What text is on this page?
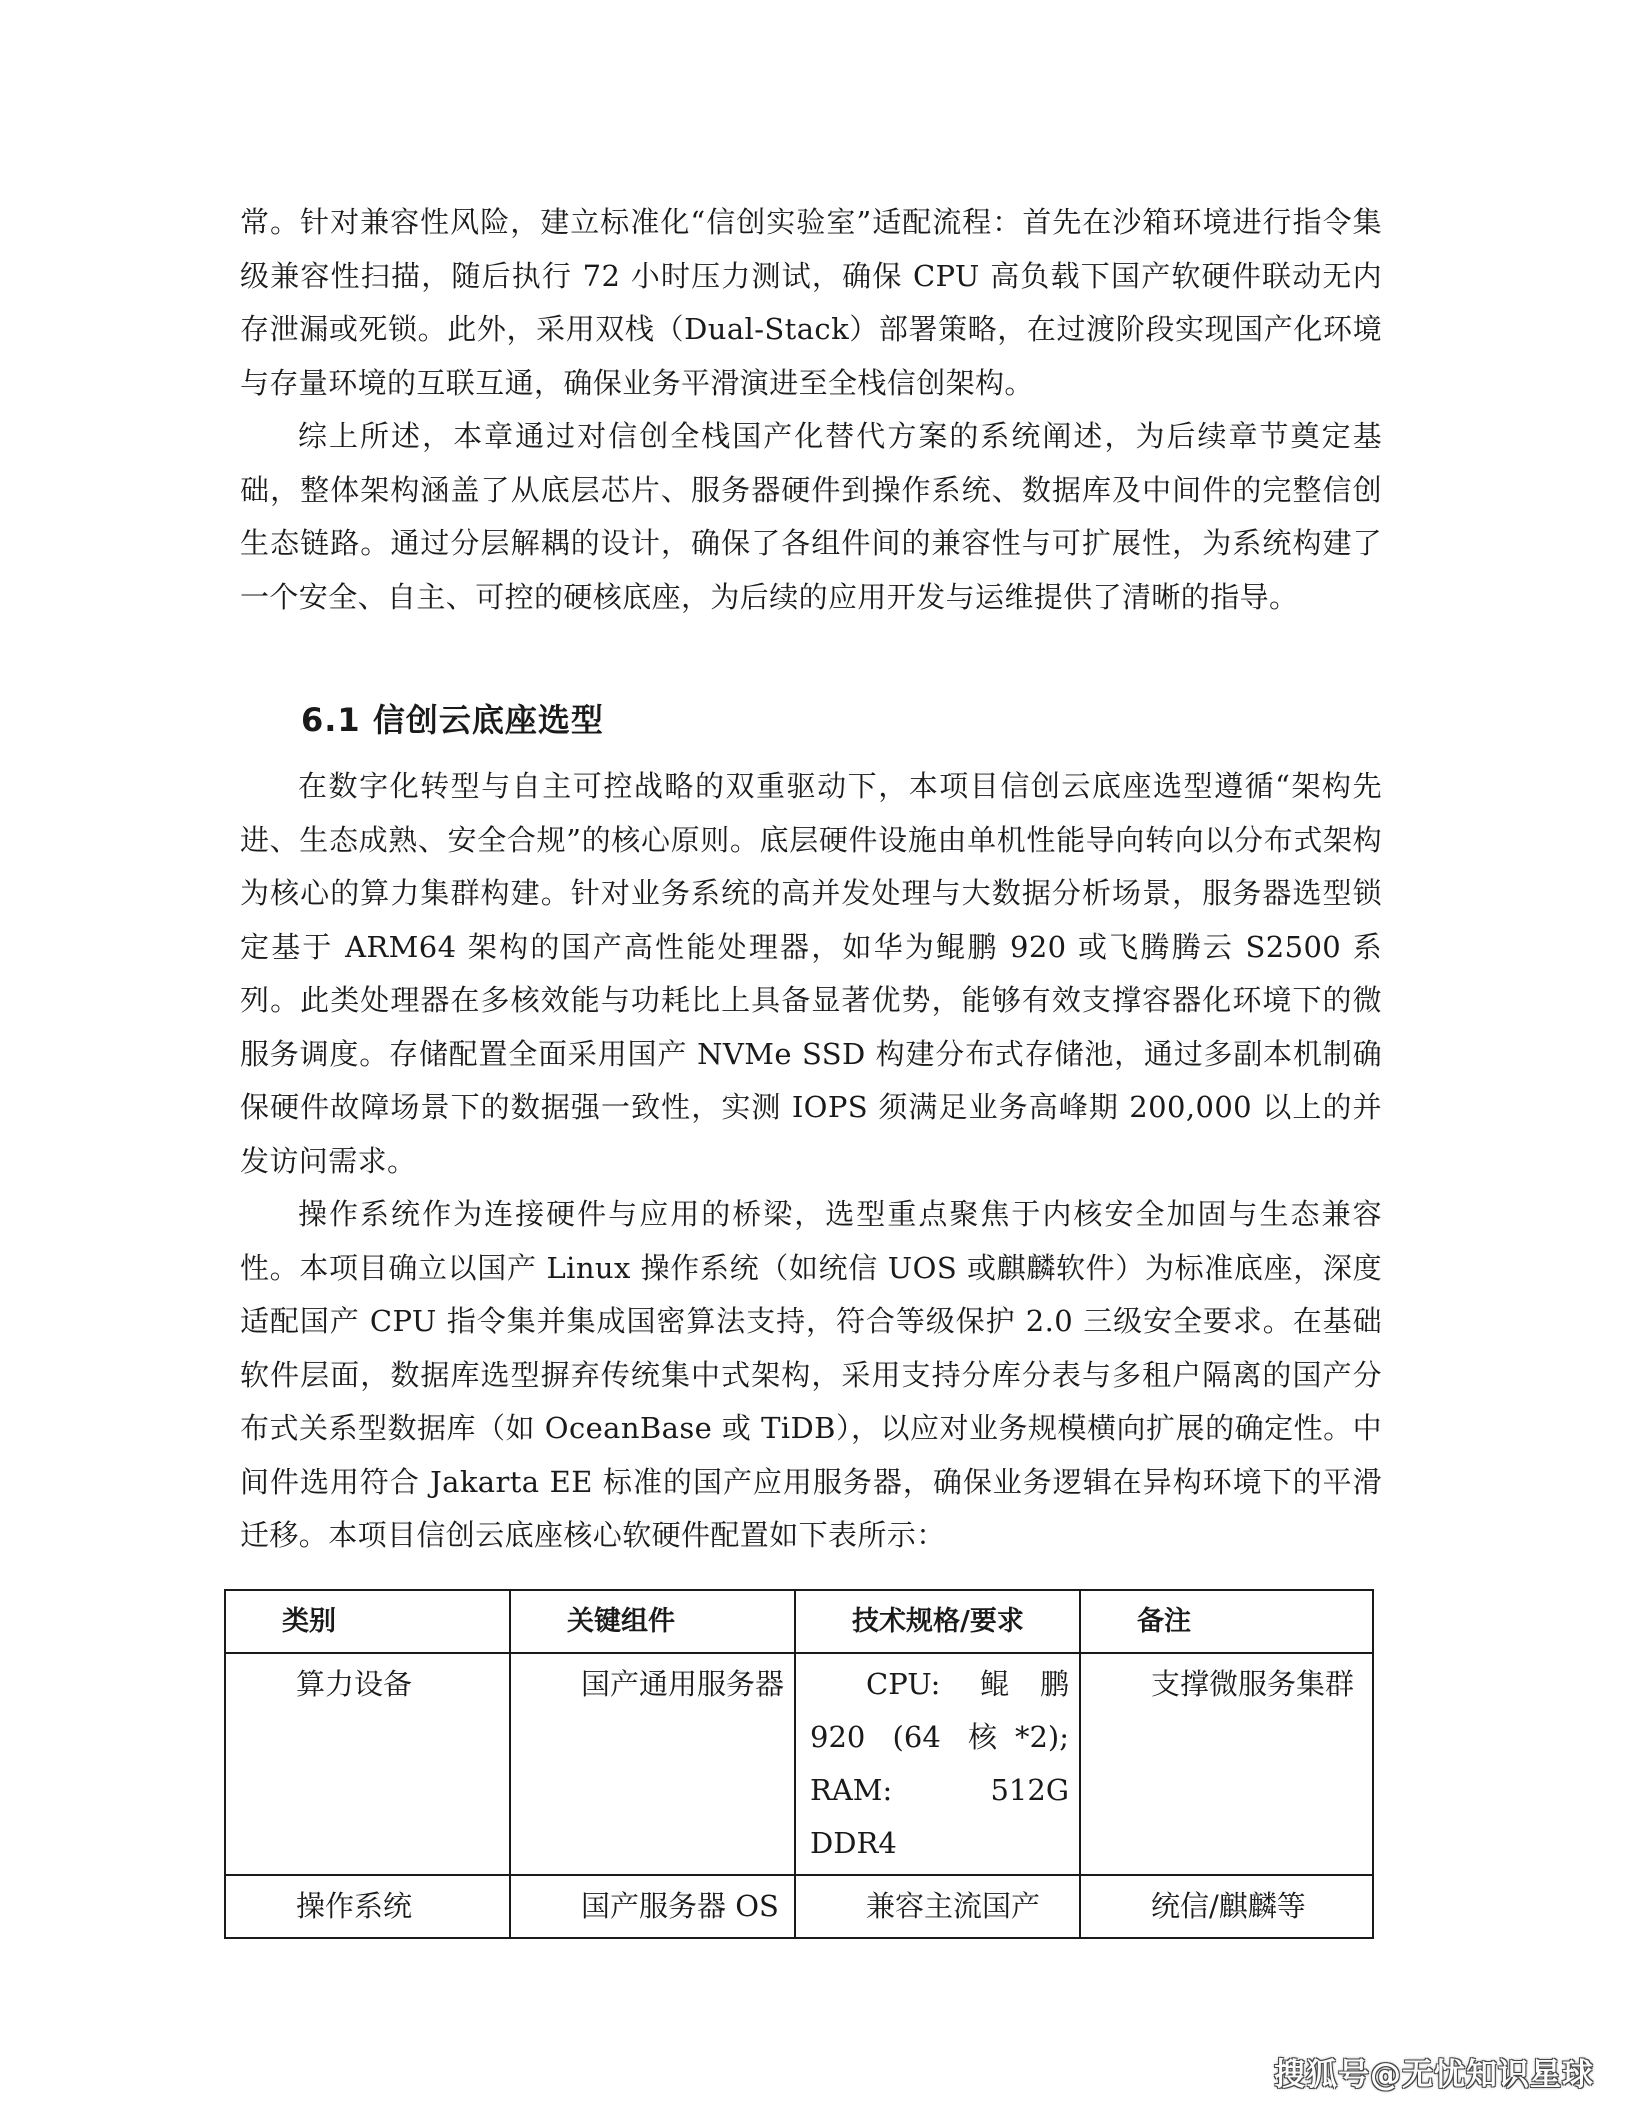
常。针对兼容性风险，建立标准化“信创实验室”适配流程：首先在沙箱环境进行指令集级兼容性扫描，随后执行 72 小时压力测试，确保 CPU 高负载下国产软硬件联动无内存泄漏或死锁。此外，采用双栈（Dual-Stack）部署策略，在过渡阶段实现国产化环境与存量环境的互联互通，确保业务平滑演进至全栈信创架构。

综上所述，本章通过对信创全栈国产化替代方案的系统阐述，为后续章节奠定基础，整体架构涵盖了从底层芯片、服务器硬件到操作系统、数据库及中间件的完整信创生态链路。通过分层解耦的设计，确保了各组件间的兼容性与可扩展性，为系统构建了一个安全、自主、可控的硬核底座，为后续的应用开发与运维提供了清晰的指导。

6.1 信创云底座选型

在数字化转型与自主可控战略的双重驱动下，本项目信创云底座选型遵循“架构先进、生态成熟、安全合规”的核心原则。底层硬件设施由单机性能导向转向以分布式架构为核心的算力集群构建。针对业务系统的高并发处理与大数据分析场景，服务器选型锁定基于 ARM64 架构的国产高性能处理器，如华为鲲鹏 920 或飞腾腾云 S2500 系列。此类处理器在多核效能与功耗比上具备显著优势，能够有效支撑容器化环境下的微服务调度。存储配置全面采用国产 NVMe SSD 构建分布式存储池，通过多副本机制确保硬件故障场景下的数据强一致性，实测 IOPS 须满足业务高峰期 200,000 以上的并发访问需求。

操作系统作为连接硬件与应用的桥梁，选型重点聚焦于内核安全加固与生态兼容性。本项目确立以国产 Linux 操作系统（如统信 UOS 或麒麟软件）为标准底座，深度适配国产 CPU 指令集并集成国密算法支持，符合等级保护 2.0 三级安全要求。在基础软件层面，数据库选型摒弃传统集中式架构，采用支持分库分表与多租户隔离的国产分布式关系型数据库（如 OceanBase 或 TiDB），以应对业务规模横向扩展的确定性。中间件选用符合 Jakarta EE 标准的国产应用服务器，确保业务逻辑在异构环境下的平滑迁移。本项目信创云底座核心软硬件配置如下表所示：

类别	关键组件	技术规格/要求	备注
算力设备	国产通用服务器	CPU: 鲲鹏 920 (64 核*2); RAM: 512G DDR4	支撑微服务集群
操作系统	国产服务器 OS	兼容主流国产	统信/麒麟等
搜狐号@无忧知识星球
